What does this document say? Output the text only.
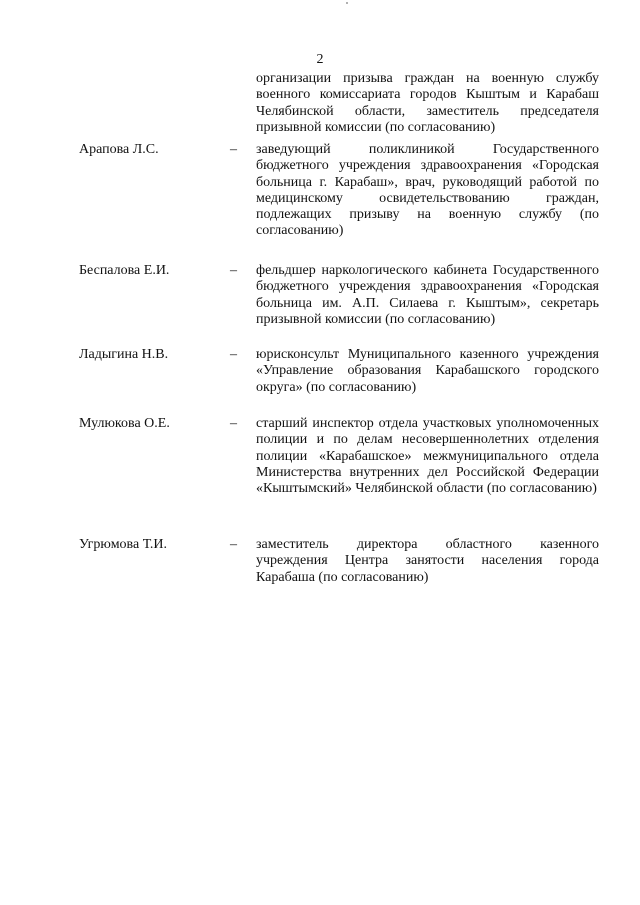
2
организации призыва граждан на военную службу военного комиссариата городов Кыштым и Карабаш Челябинской области, заместитель председателя призывной комиссии (по согласованию)
Арапова Л.С.	– заведующий поликлиникой Государственного бюджетного учреждения здравоохранения «Городская больница г. Карабаш», врач, руководящий работой по медицинскому освидетельствованию граждан, подлежащих призыву на военную службу (по согласованию)
Беспалова Е.И.	– фельдшер наркологического кабинета Государственного бюджетного учреждения здравоохранения «Городская больница им. А.П. Силаева г. Кыштым», секретарь призывной комиссии (по согласованию)
Ладыгина Н.В.	– юрисконсульт Муниципального казенного учреждения «Управление образования Карабашского городского округа» (по согласованию)
Мулюкова О.Е.	– старший инспектор отдела участковых уполномоченных полиции и по делам несовершеннолетних отделения полиции «Карабашское» межмуниципального отдела Министерства внутренних дел Российской Федерации «Кыштымский» Челябинской области (по согласованию)
Угрюмова Т.И.	– заместитель директора областного казенного учреждения Центра занятости населения города Карабаша (по согласованию)
